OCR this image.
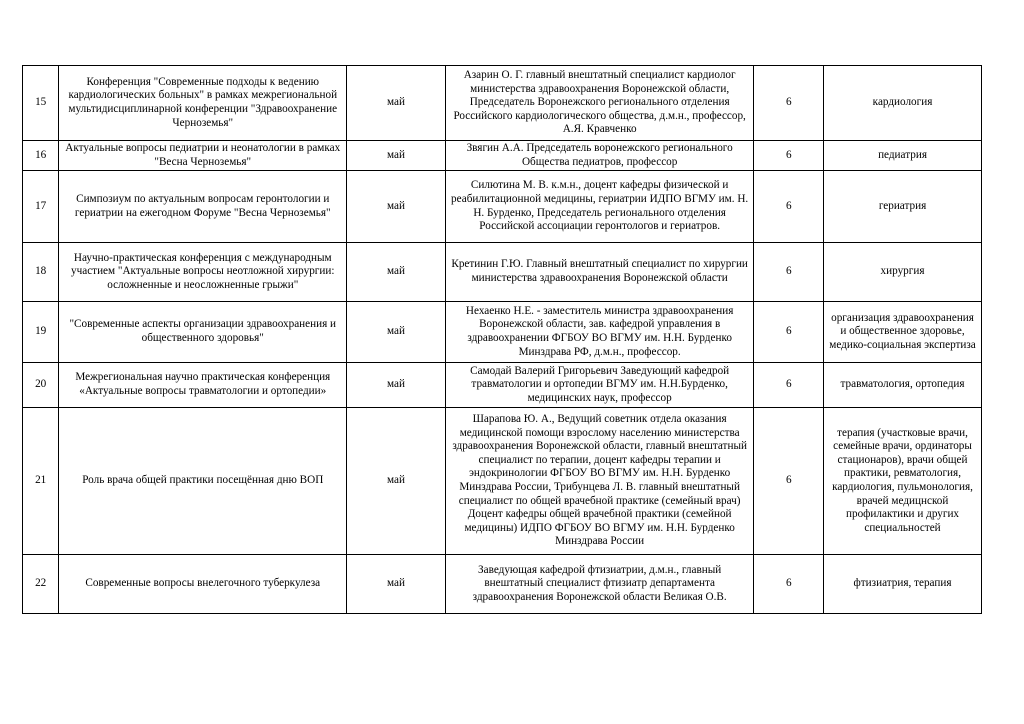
15	Конференция "Современные подходы к ведению кардиологических больных" в рамках межрегиональной мультидисциплинарной конференции "Здравоохранение Черноземья"	май	Азарин О. Г. главный внештатный специалист кардиолог министерства здравоохранения Воронежской области, Председатель Воронежского регионального отделения Российского кардиологического общества, д.м.н., профессор, А.Я. Кравченко	6	кардиология
16	Актуальные вопросы педиатрии и неонатологии в рамках "Весна Черноземья"	май	Звягин А.А. Председатель воронежского регионального Общества педиатров, профессор	6	педиатрия
17	Симпозиум по актуальным вопросам геронтологии и гериатрии на ежегодном Форуме "Весна Черноземья"	май	Силютина М. В. к.м.н., доцент кафедры физической и реабилитационной медицины, гериатрии ИДПО ВГМУ им. Н. Н. Бурденко, Председатель регионального отделения Российской ассоциации геронтологов и гериатров.	6	гериатрия
18	Научно-практическая конференция с международным участием "Актуальные вопросы неотложной хирургии: осложненные и неосложненные грыжи"	май	Кретинин Г.Ю. Главный внештатный специалист по хирургии министерства здравоохранения Воронежской области	6	хирургия
19	"Современные аспекты организации здравоохранения и общественного здоровья"	май	Нехаенко Н.Е. - заместитель министра здравоохранения Воронежской области, зав. кафедрой управления в здравоохранении ФГБОУ ВО ВГМУ им. Н.Н. Бурденко Минздрава РФ, д.м.н., профессор.	6	организация здравоохранения и общественное здоровье, медико-социальная экспертиза
20	Межрегиональная научно практическая конференция «Актуальные вопросы травматологии и ортопедии»	май	Самодай Валерий Григорьевич Заведующий кафедрой травматологии и ортопедии ВГМУ им. Н.Н.Бурденко, медицинских наук, профессор	6	травматология, ортопедия
21	Роль врача общей практики посещённая дню ВОП	май	Шарапова Ю. А., Ведущий советник отдела оказания медицинской помощи взрослому населению министерства здравоохранения Воронежской области, главный внештатный специалист по терапии, доцент кафедры терапии и эндокринологии ФГБОУ ВО ВГМУ им. Н.Н. Бурденко Минздрава России, Трибунцева Л. В. главный внештатный специалист по общей врачебной практике (семейный врач) Доцент кафедры общей врачебной практики (семейной медицины) ИДПО ФГБОУ ВО ВГМУ им. Н.Н. Бурденко Минздрава России	6	терапия (участковые врачи, семейные врачи, ординаторы стационаров), врачи общей практики, ревматология, кардиология, пульмонология, врачей медицнской профилактики и других специальностей
22	Современные вопросы внелегочного туберкулеза	май	Заведующая кафедрой фтизиатрии, д.м.н., главный внештатный специалист фтизиатр департамента здравоохранения Воронежской области Великая О.В.	6	фтизиатрия, терапия
